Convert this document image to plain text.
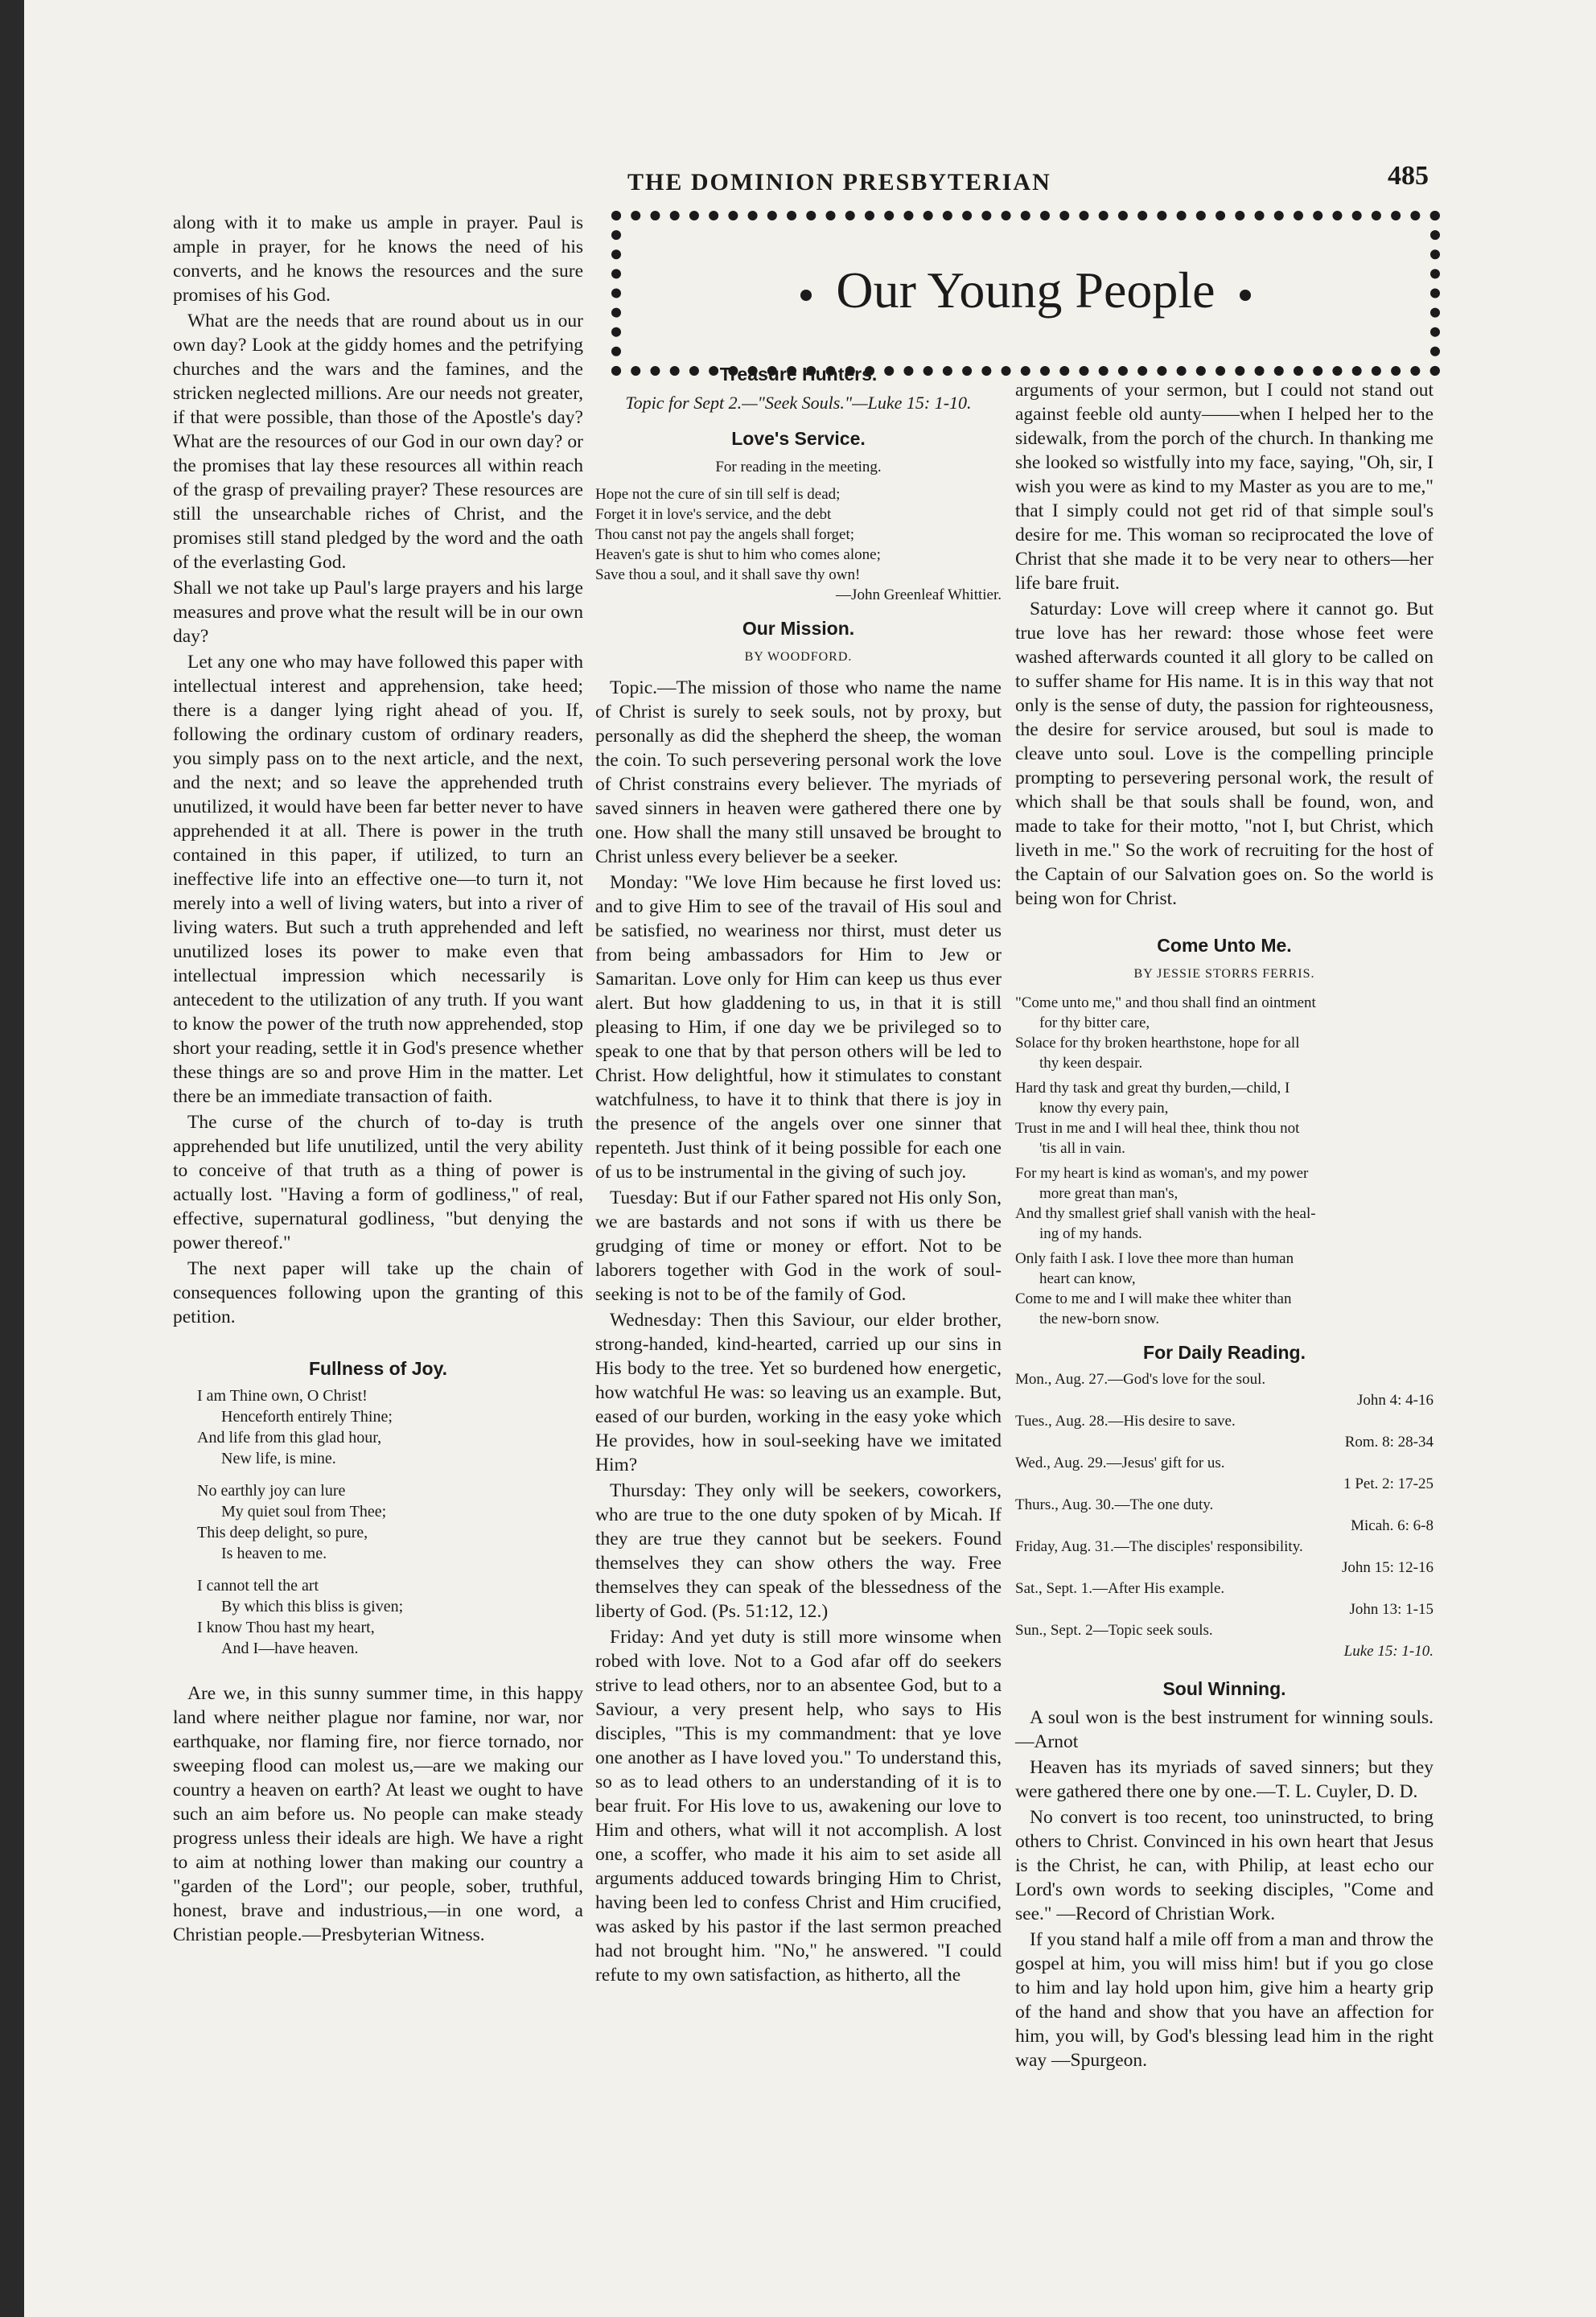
THE DOMINION PRESBYTERIAN	485
Our Young People

along with it to make us ample in prayer. Paul is ample in prayer, for he knows the need of his converts, and he knows the resources and the sure promises of his God.

What are the needs that are round about us in our own day? Look at the giddy homes and the petrifying churches and the wars and the famines, and the stricken neglected millions. Are our needs not greater, if that were possible, than those of the Apostle's day? What are the resources of our God in our own day? or the promises that lay these resources all within reach of the grasp of prevailing prayer? These resources are still the unsearchable riches of Christ, and the promises still stand pledged by the word and the oath of the everlasting God.

Shall we not take up Paul's large prayers and his large measures and prove what the result will be in our own day?

Let any one who may have followed this paper with intellectual interest and apprehension, take heed; there is a danger lying right ahead of you. If, following the ordinary custom of ordinary readers, you simply pass on to the next article, and the next, and the next; and so leave the apprehended truth unutilized, it would have been far better never to have apprehended it at all. There is power in the truth contained in this paper, if utilized, to turn an ineffective life into an effective one—to turn it, not merely into a well of living waters, but into a river of living waters. But such a truth apprehended and left unutilized loses its power to make even that intellectual impression which necessarily is antecedent to the utilization of any truth. If you want to know the power of the truth now apprehended, stop short your reading, settle it in God's presence whether these things are so and prove Him in the matter. Let there be an immediate transaction of faith.

The curse of the church of to-day is truth apprehended but life unutilized, until the very ability to conceive of that truth as a thing of power is actually lost. "Having a form of godliness," of real, effective, supernatural godliness, "but denying the power thereof."

The next paper will take up the chain of consequences following upon the granting of this petition.

Fullness of Joy.
I am Thine own, O Christ!
Henceforth entirely Thine;
And life from this glad hour,
New life, is mine.
No earthly joy can lure
My quiet soul from Thee;
This deep delight, so pure,
Is heaven to me.
I cannot tell the art
By which this bliss is given;
I know Thou hast my heart,
And I—have heaven.

Are we, in this sunny summer time, in this happy land where neither plague nor famine, nor war, nor earthquake, nor flaming fire, nor fierce tornado, nor sweeping flood can molest us,—are we making our country a heaven on earth? At least we ought to have such an aim before us. No people can make steady progress unless their ideals are high. We have a right to aim at nothing lower than making our country a "garden of the Lord"; our people, sober, truthful, honest, brave and industrious,—in one word, a Christian people.—Presbyterian Witness.

Treasure Hunters.
Topic for Sept 2.—"Seek Souls."—Luke 15: 1-10.
Love's Service.
For reading in the meeting.
Hope not the cure of sin till self is dead;
Forget it in love's service, and the debt
Thou canst not pay the angels shall forget;
Heaven's gate is shut to him who comes alone;
Save thou a soul, and it shall save thy own!
—John Greenleaf Whittier.
Our Mission.
BY WOODFORD.

Topic.—The mission of those who name the name of Christ is surely to seek souls, not by proxy, but personally as did the shepherd the sheep, the woman the coin. To such persevering personal work the love of Christ constrains every believer. The myriads of saved sinners in heaven were gathered there one by one. How shall the many still unsaved be brought to Christ unless every believer be a seeker.

Monday: "We love Him because he first loved us: and to give Him to see of the travail of His soul and be satisfied, no weariness nor thirst, must deter us from being ambassadors for Him to Jew or Samaritan. Love only for Him can keep us thus ever alert. But how gladdening to us, in that it is still pleasing to Him, if one day we be privileged so to speak to one that by that person others will be led to Christ. How delightful, how it stimulates to constant watchfulness, to have it to think that there is joy in the presence of the angels over one sinner that repenteth. Just think of it being possible for each one of us to be instrumental in the giving of such joy.

Tuesday: But if our Father spared not His only Son, we are bastards and not sons if with us there be grudging of time or money or effort. Not to be laborers together with God in the work of soul-seeking is not to be of the family of God.

Wednesday: Then this Saviour, our elder brother, strong-handed, kind-hearted, carried up our sins in His body to the tree. Yet so burdened how energetic, how watchful He was: so leaving us an example. But, eased of our burden, working in the easy yoke which He provides, how in soul-seeking have we imitated Him?

Thursday: They only will be seekers, coworkers, who are true to the one duty spoken of by Micah. If they are true they cannot but be seekers. Found themselves they can show others the way. Free themselves they can speak of the blessedness of the liberty of God. (Ps. 51:12, 12.)

Friday: And yet duty is still more winsome when robed with love. Not to a God afar off do seekers strive to lead others, nor to an absentee God, but to a Saviour, a very present help, who says to His disciples, "This is my commandment: that ye love one another as I have loved you." To understand this, so as to lead others to an understanding of it is to bear fruit. For His love to us, awakening our love to Him and others, what will it not accomplish. A lost one, a scoffer, who made it his aim to set aside all arguments adduced towards bringing Him to Christ, having been led to confess Christ and Him crucified, was asked by his pastor if the last sermon preached had not brought him. "No," he answered. "I could refute to my own satisfaction, as hitherto, all the

arguments of your sermon, but I could not stand out against feeble old aunty——when I helped her to the sidewalk, from the porch of the church. In thanking me she looked so wistfully into my face, saying, "Oh, sir, I wish you were as kind to my Master as you are to me," that I simply could not get rid of that simple soul's desire for me. This woman so reciprocated the love of Christ that she made it to be very near to others—her life bare fruit.

Saturday: Love will creep where it cannot go. But true love has her reward: those whose feet were washed afterwards counted it all glory to be called on to suffer shame for His name. It is in this way that not only is the sense of duty, the passion for righteousness, the desire for service aroused, but soul is made to cleave unto soul. Love is the compelling principle prompting to persevering personal work, the result of which shall be that souls shall be found, won, and made to take for their motto, "not I, but Christ, which liveth in me." So the work of recruiting for the host of the Captain of our Salvation goes on. So the world is being won for Christ.

Come Unto Me.
BY JESSIE STORRS FERRIS.
"Come unto me," and thou shall find an ointment
for thy bitter care,
Solace for thy broken hearthstone, hope for all
thy keen despair.
Hard thy task and great thy burden,—child, I
know thy every pain,
Trust in me and I will heal thee, think thou not
'tis all in vain.
For my heart is kind as woman's, and my power
more great than man's,
And thy smallest grief shall vanish with the heal-
ing of my hands.
Only faith I ask. I love thee more than human
heart can know,
Come to me and I will make thee whiter than
the new-born snow.
For Daily Reading.
Mon., Aug. 27.—God's love for the soul.
John 4: 4-16
Tues., Aug. 28.—His desire to save.
Rom. 8: 28-34
Wed., Aug. 29.—Jesus' gift for us.
1 Pet. 2: 17-25
Thurs., Aug. 30.—The one duty.
Micah. 6: 6-8
Friday, Aug. 31.—The disciples' responsibility.
John 15: 12-16
Sat., Sept. 1.—After His example.
John 13: 1-15
Sun., Sept. 2—Topic seek souls.
Luke 15: 1-10.
Soul Winning.

A soul won is the best instrument for winning souls.—Arnot

Heaven has its myriads of saved sinners; but they were gathered there one by one.—T. L. Cuyler, D. D.

No convert is too recent, too uninstructed, to bring others to Christ. Convinced in his own heart that Jesus is the Christ, he can, with Philip, at least echo our Lord's own words to seeking disciples, "Come and see." —Record of Christian Work.

If you stand half a mile off from a man and throw the gospel at him, you will miss him! but if you go close to him and lay hold upon him, give him a hearty grip of the hand and show that you have an affection for him, you will, by God's blessing lead him in the right way —Spurgeon.
